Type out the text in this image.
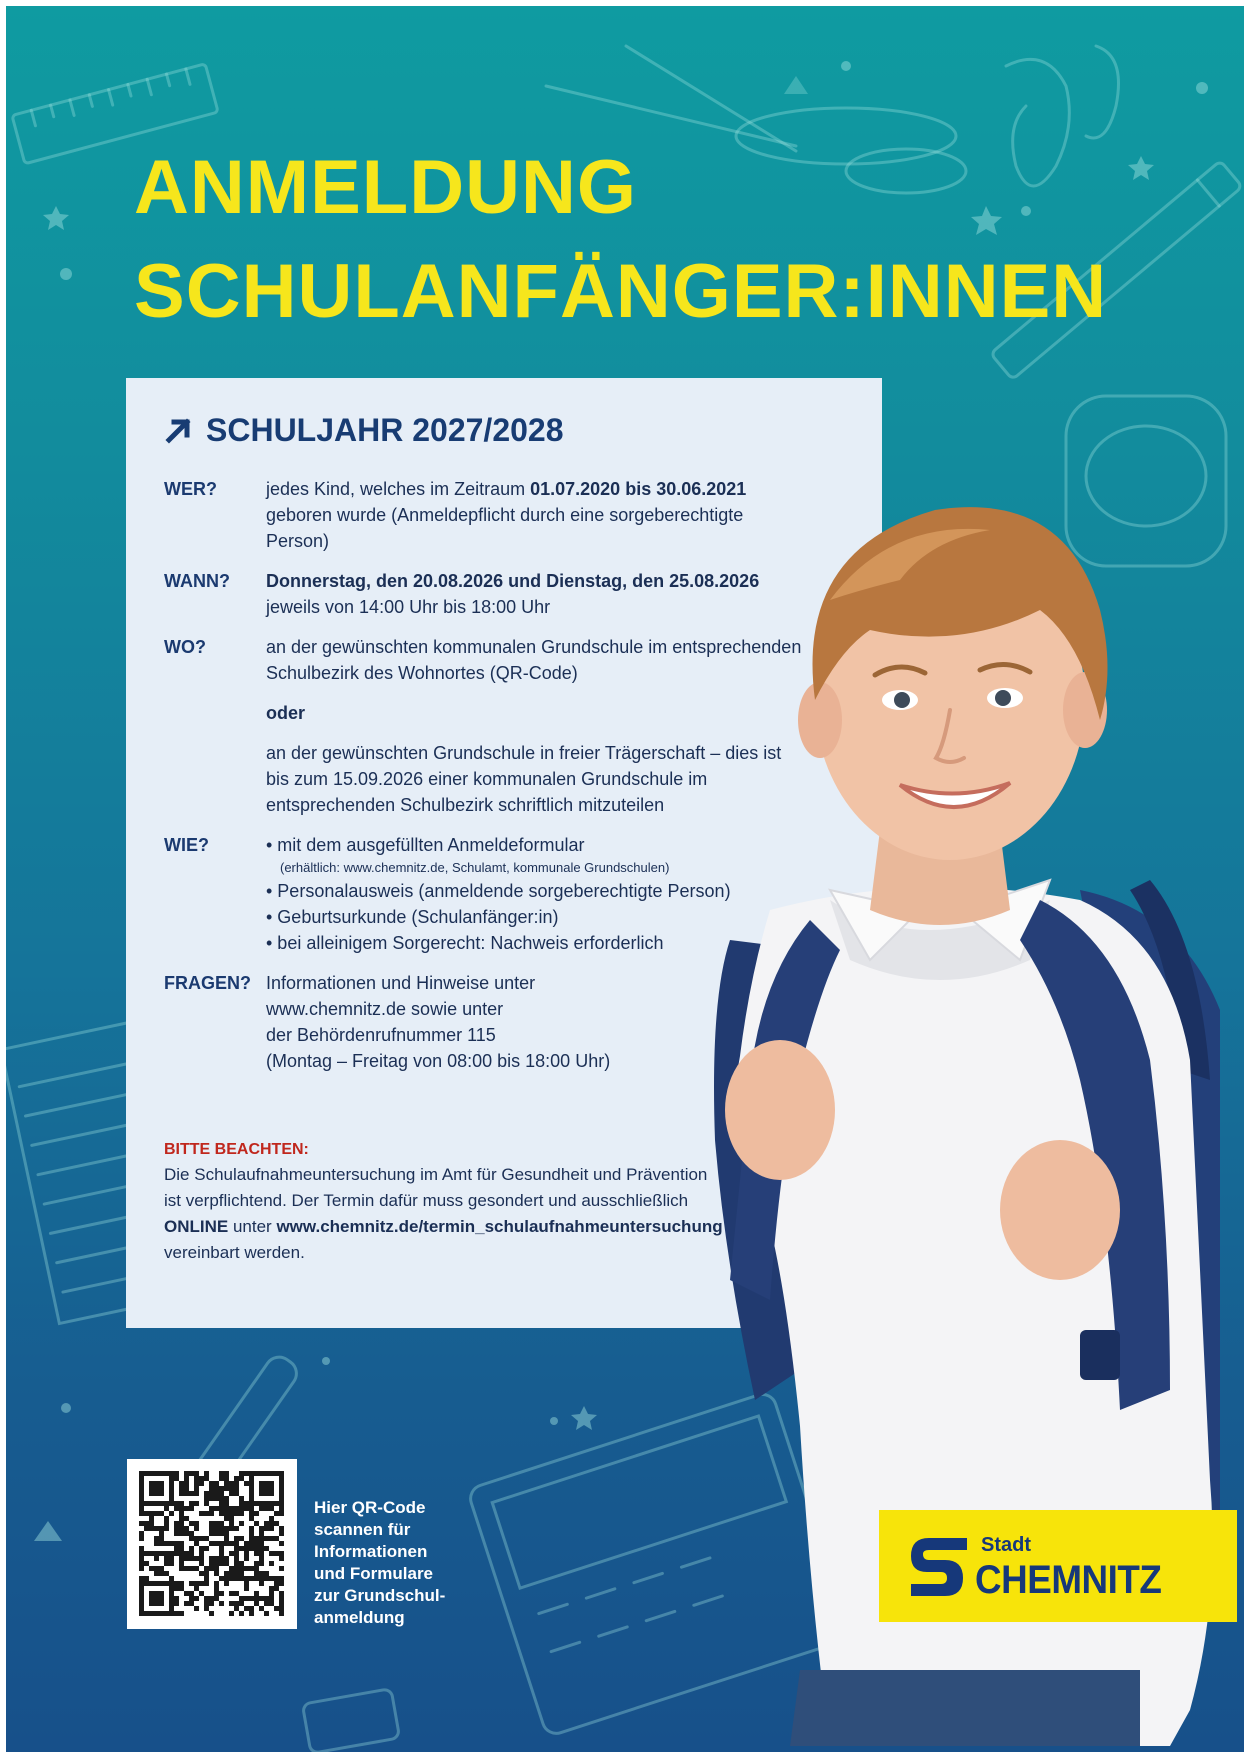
ANMELDUNG
SCHULANFÄNGER:INNEN
SCHULJAHR 2027/2028
WER?	jedes Kind, welches im Zeitraum 01.07.2020 bis 30.06.2021 geboren wurde (Anmeldepflicht durch eine sorgeberechtigte Person)

WANN?	Donnerstag, den 20.08.2026 und Dienstag, den 25.08.2026 jeweils von 14:00 Uhr bis 18:00 Uhr

WO?	an der gewünschten kommunalen Grundschule im entsprechenden Schulbezirk des Wohnortes (QR-Code)

oder

an der gewünschten Grundschule in freier Trägerschaft – dies ist bis zum 15.09.2026 einer kommunalen Grundschule im entsprechenden Schulbezirk schriftlich mitzuteilen

WIE?	• mit dem ausgefüllten Anmeldeformular
(erhältlich: www.chemnitz.de, Schulamt, kommunale Grundschulen)
• Personalausweis (anmeldende sorgeberechtigte Person)
• Geburtsurkunde (Schulanfänger:in)
• bei alleinigem Sorgerecht: Nachweis erforderlich
FRAGEN? Informationen und Hinweise unter

www.chemnitz.de sowie unter

der Behördenrufnummer 115

(Montag – Freitag von 08:00 bis 18:00 Uhr)

BITTE BEACHTEN:
Die Schulaufnahmeuntersuchung im Amt für Gesundheit und Prävention ist verpflichtend. Der Termin dafür muss gesondert und ausschließlich ONLINE unter www.chemnitz.de/termin_schulaufnahmeuntersuchung vereinbart werden.

Hier QR-Code
scannen für
Informationen
und Formulare
zur Grundschul-
anmeldung

Stadt
CHEMNITZ
